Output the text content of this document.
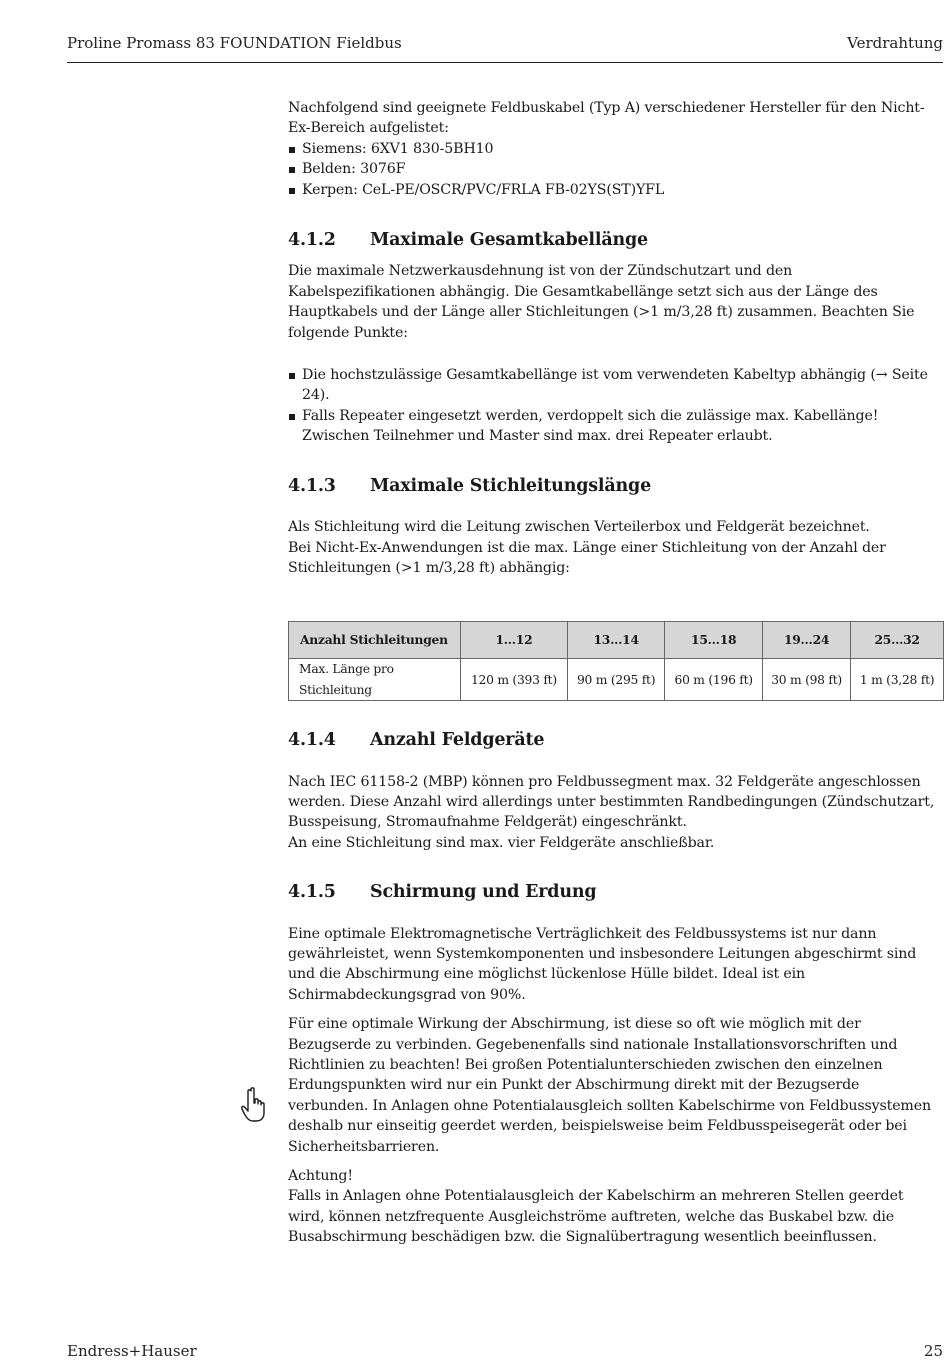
Proline Promass 83 FOUNDATION Fieldbus	Verdrahtung

Nachfolgend sind geeignete Feldbuskabel (Typ A) verschiedener Hersteller für den Nicht-Ex-Bereich aufgelistet:

Siemens: 6XV1 830-5BH10
Belden: 3076F
Kerpen: CeL-PE/OSCR/PVC/FRLA FB-02YS(ST)YFL
4.1.2 Maximale Gesamtkabellänge

Die maximale Netzwerkausdehnung ist von der Zündschutzart und den Kabelspezifikationen abhängig. Die Gesamtkabellänge setzt sich aus der Länge des Hauptkabels und der Länge aller Stichleitungen (>1 m/3,28 ft) zusammen. Beachten Sie folgende Punkte:

Die hochstzulässige Gesamtkabellänge ist vom verwendeten Kabeltyp abhängig (→ Seite 24).
Falls Repeater eingesetzt werden, verdoppelt sich die zulässige max. Kabellänge! Zwischen Teilnehmer und Master sind max. drei Repeater erlaubt.
4.1.3 Maximale Stichleitungslänge

Als Stichleitung wird die Leitung zwischen Verteilerbox und Feldgerät bezeichnet.

Bei Nicht-Ex-Anwendungen ist die max. Länge einer Stichleitung von der Anzahl der Stichleitungen (>1 m/3,28 ft) abhängig:

Anzahl Stichleitungen	1…12	13…14	15…18	19…24	25…32
Max. Länge pro Stichleitung	120 m (393 ft)	90 m (295 ft)	60 m (196 ft)	30 m (98 ft)	1 m (3,28 ft)
4.1.4 Anzahl Feldgeräte

Nach IEC 61158-2 (MBP) können pro Feldbussegment max. 32 Feldgeräte angeschlossen werden. Diese Anzahl wird allerdings unter bestimmten Randbedingungen (Zündschutzart, Busspeisung, Stromaufnahme Feldgerät) eingeschränkt.

An eine Stichleitung sind max. vier Feldgeräte anschließbar.

4.1.5 Schirmung und Erdung

Eine optimale Elektromagnetische Verträglichkeit des Feldbussystems ist nur dann gewährleistet, wenn Systemkomponenten und insbesondere Leitungen abgeschirmt sind und die Abschirmung eine möglichst lückenlose Hülle bildet. Ideal ist ein Schirmabdeckungsgrad von 90%.

Für eine optimale Wirkung der Abschirmung, ist diese so oft wie möglich mit der Bezugserde zu verbinden. Gegebenenfalls sind nationale Installationsvorschriften und Richtlinien zu beachten! Bei großen Potentialunterschieden zwischen den einzelnen Erdungspunkten wird nur ein Punkt der Abschirmung direkt mit der Bezugserde verbunden. In Anlagen ohne Potentialausgleich sollten Kabelschirme von Feldbussystemen deshalb nur einseitig geerdet werden, beispielsweise beim Feldbusspeisegerät oder bei Sicherheitsbarrieren.

Achtung!

Falls in Anlagen ohne Potentialausgleich der Kabelschirm an mehreren Stellen geerdet wird, können netzfrequente Ausgleichströme auftreten, welche das Buskabel bzw. die Busabschirmung beschädigen bzw. die Signalübertragung wesentlich beeinflussen.

Endress+Hauser	25
